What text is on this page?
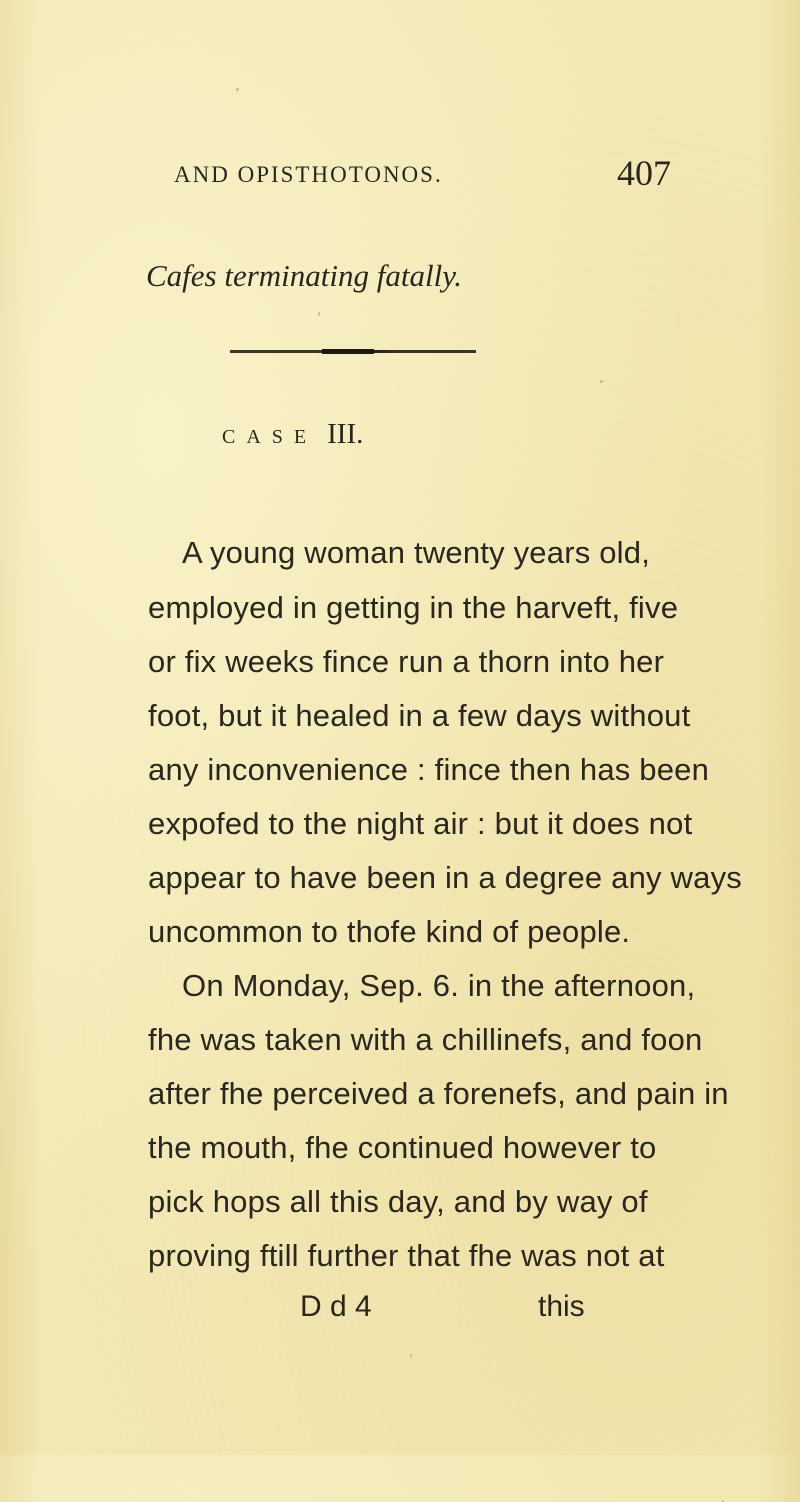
AND OPISTHOTONOS.	407
Cafes terminating fatally.
CASE III.
A young woman twenty years old,
employed in getting in the harveft, five
or fix weeks fince run a thorn into her
foot, but it healed in a few days without
any inconvenience : fince then has been
expofed to the night air : but it does not
appear to have been in a degree any ways
uncommon to thofe kind of people.
On Monday, Sep. 6. in the afternoon,
fhe was taken with a chillinefs, and foon
after fhe perceived a forenefs, and pain in
the mouth, fhe continued however to
pick hops all this day, and by way of
proving ftill further that fhe was not at
D d 4	this
